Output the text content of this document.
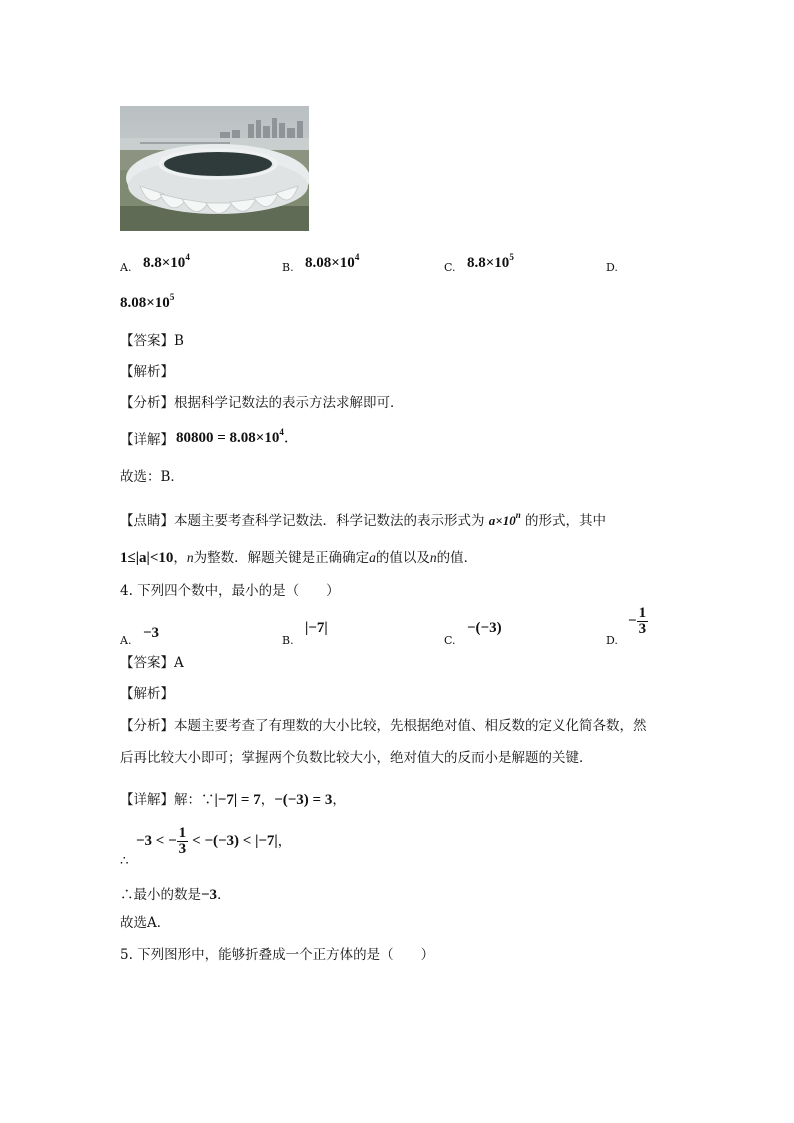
A. $8.8\times 10^4$
B. $8.08\times 10^4$
C. $8.8\times 10^5$
D.
$8.08\times 10^5$
【答案】B
【解析】
【分析】根据科学记数法的表示方法求解即可．
【详解】 $80800 = 8.08\times 10^4$．
故选：B．
【点睛】本题主要考查科学记数法．科学记数法的表示形式为 $a\times 10^n$ 的形式，其中
1≤|a|<10，n为整数．解题关键是正确确定a的值以及n的值．
4. 下列四个数中，最小的是（　　）
A. −3	B.
|−7|
C.
−(−3)
D.
− $\frac{1}{3}$
【答案】A
【解析】
【分析】本题主要考查了有理数的大小比较，先根据绝对值、相反数的定义化简各数，然
后再比较大小即可；掌握两个负数比较大小，绝对值大的反而小是解题的关键．
【详解】解：∵|−7| = 7，−(−3) = 3，
∴
−3 < − $\frac{1}{3} < -(-3) < |-7|$，
∴最小的数是−3．
故选A．
5. 下列图形中，能够折叠成一个正方体的是（　　）
